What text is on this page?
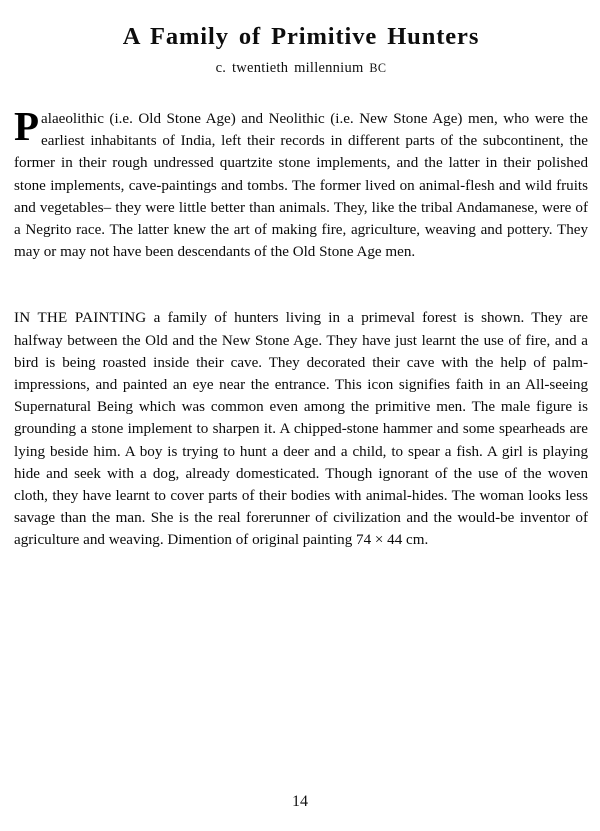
A Family of Primitive Hunters
c. twentieth millennium BC

Palaeolithic (i.e. Old Stone Age) and Neolithic (i.e. New Stone Age) men, who were the earliest inhabitants of India, left their records in different parts of the subcontinent, the former in their rough undressed quartzite stone implements, and the latter in their polished stone implements, cave-paintings and tombs. The former lived on animal-flesh and wild fruits and vegetables– they were little better than animals. They, like the tribal Andamanese, were of a Negrito race. The latter knew the art of making fire, agriculture, weaving and pottery. They may or may not have been descendants of the Old Stone Age men.

IN THE PAINTING a family of hunters living in a primeval forest is shown. They are halfway between the Old and the New Stone Age. They have just learnt the use of fire, and a bird is being roasted inside their cave. They decorated their cave with the help of palm-impressions, and painted an eye near the entrance. This icon signifies faith in an All-seeing Supernatural Being which was common even among the primitive men. The male figure is grounding a stone implement to sharpen it. A chipped-stone hammer and some spearheads are lying beside him. A boy is trying to hunt a deer and a child, to spear a fish. A girl is playing hide and seek with a dog, already domesticated. Though ignorant of the use of the woven cloth, they have learnt to cover parts of their bodies with animal-hides. The woman looks less savage than the man. She is the real forerunner of civilization and the would-be inventor of agriculture and weaving. Dimention of original painting 74 × 44 cm.

14
